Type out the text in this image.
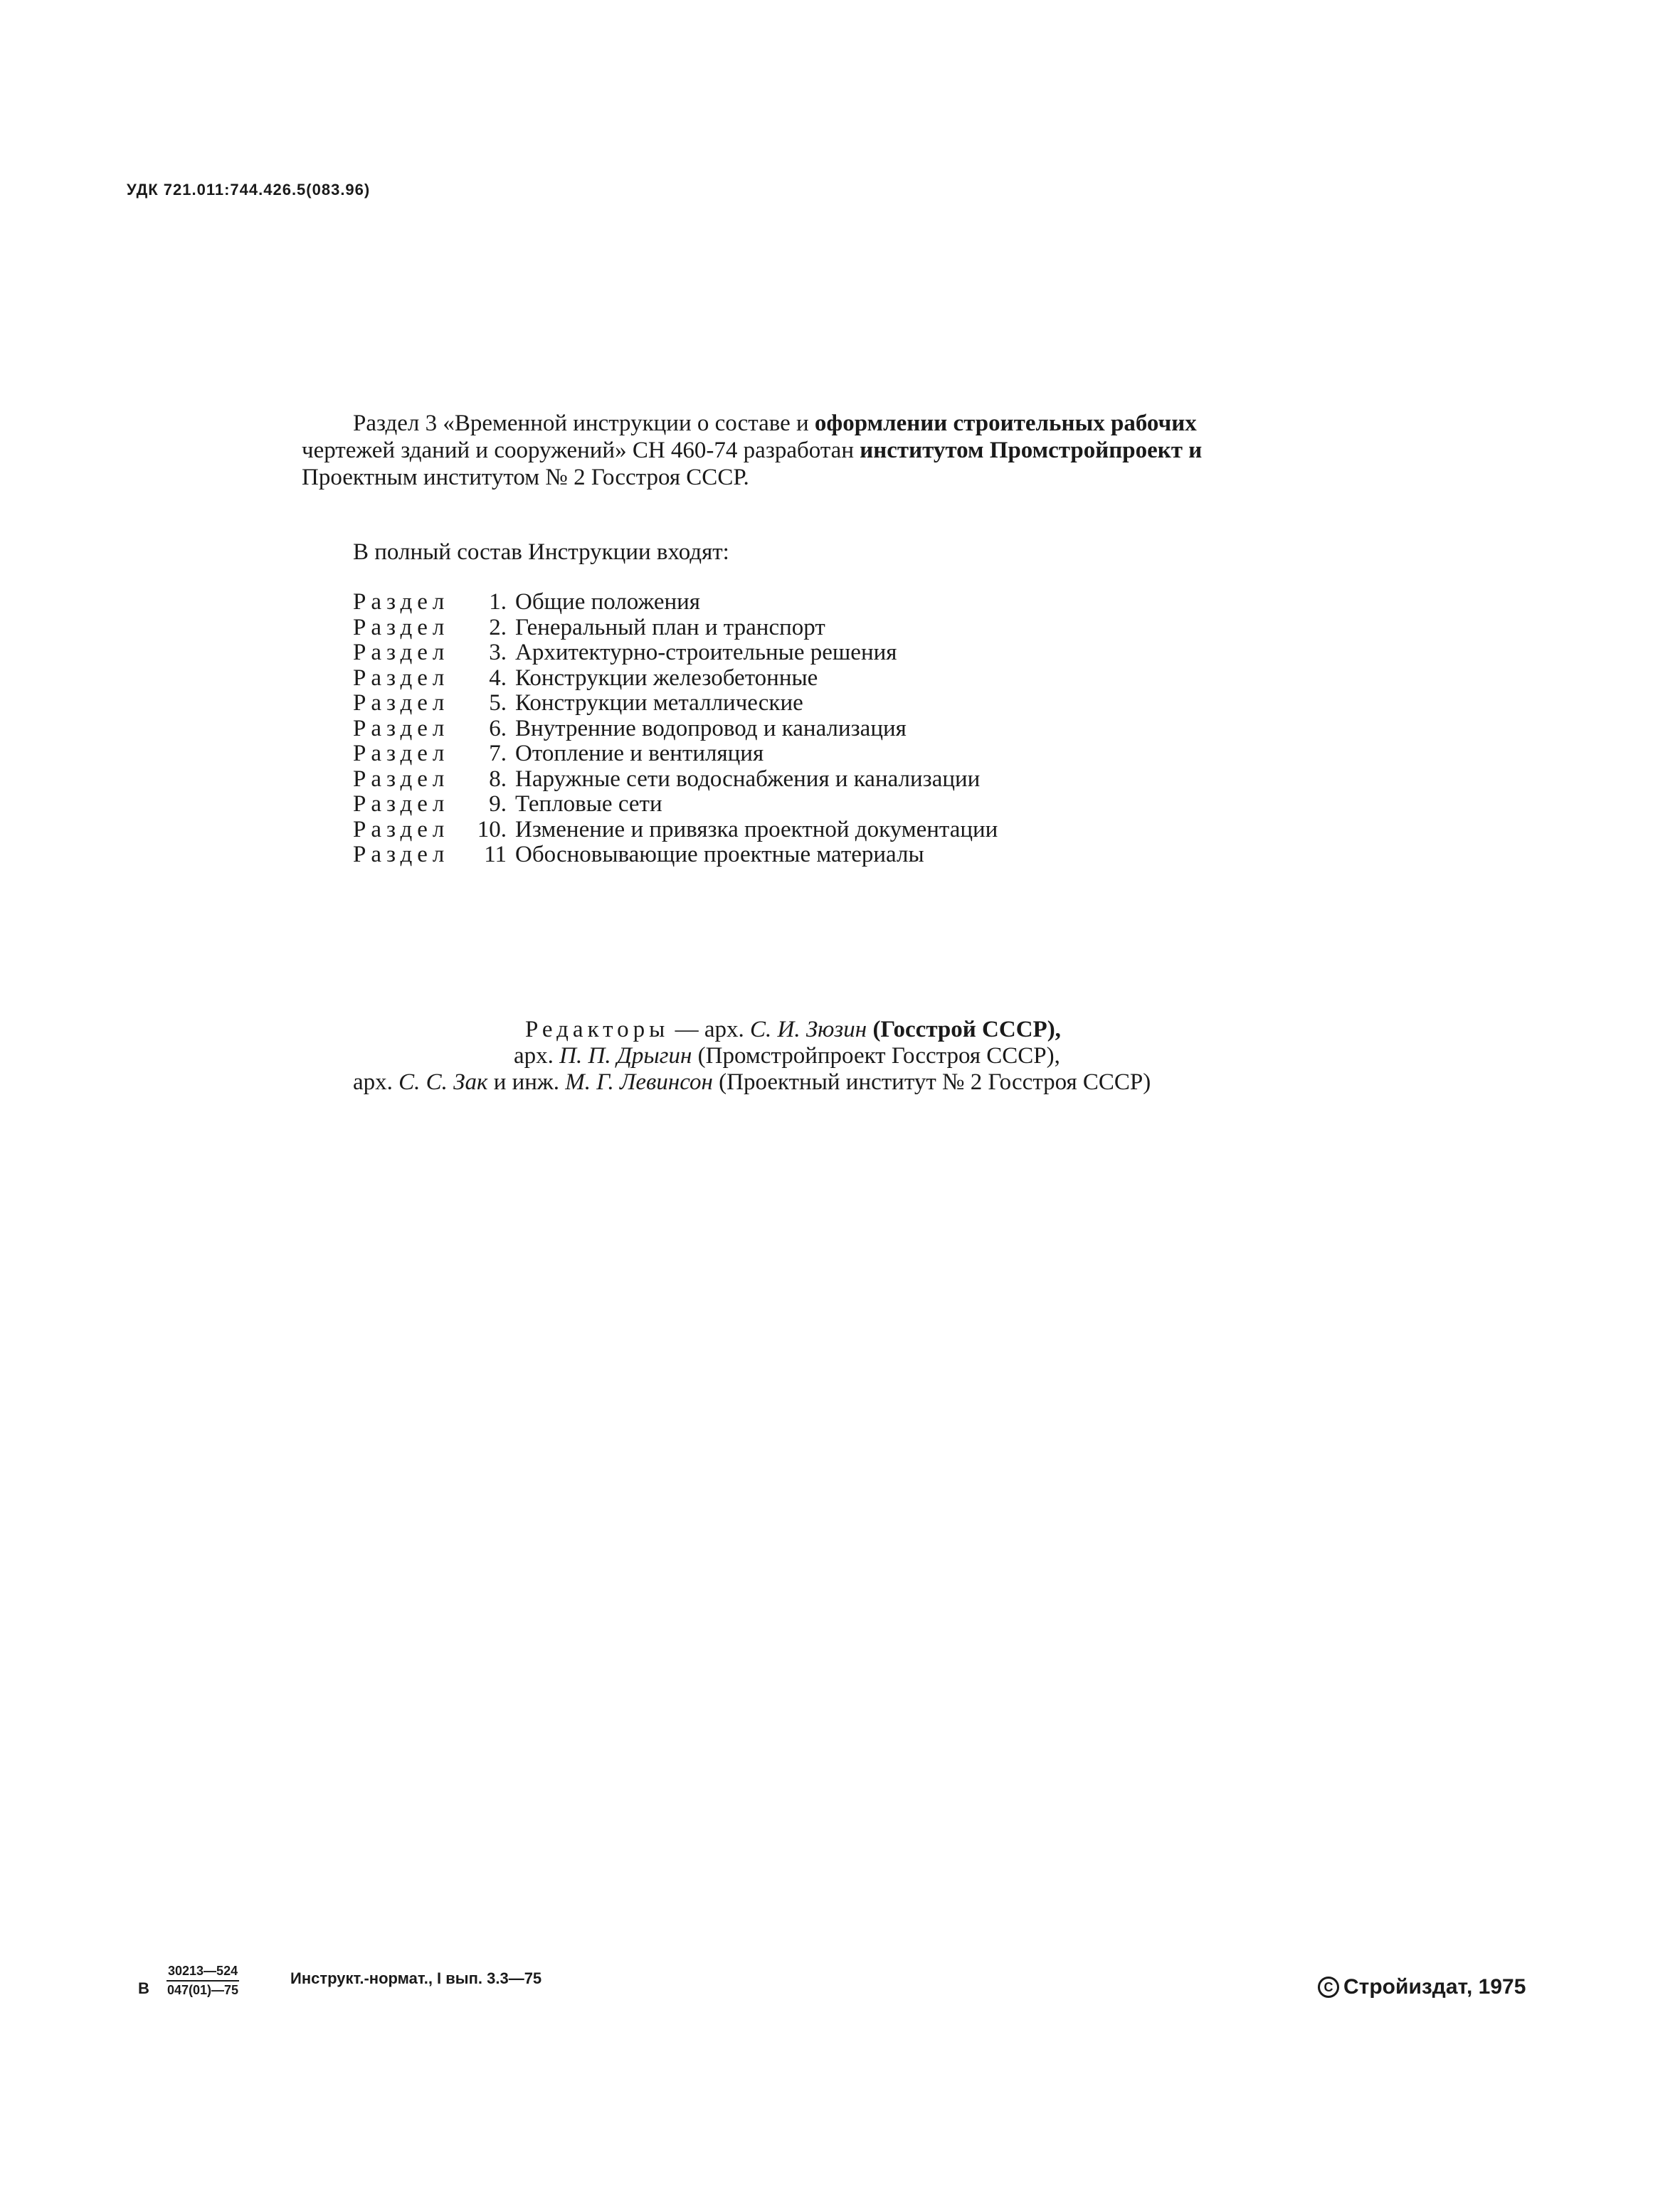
УДК 721.011:744.426.5(083.96)
Раздел 3 «Временной инструкции о составе и оформлении строительных рабочих
чертежей зданий и сооружений» СН 460-74 разработан институтом Промстройпроект и
Проектным институтом № 2 Госстроя СССР.
В полный состав Инструкции входят:
Раздел	1. Общие положения
Раздел	2. Генеральный план и транспорт
Раздел	3. Архитектурно-строительные решения
Раздел	4. Конструкции железобетонные
Раздел	5. Конструкции металлические
Раздел	6. Внутренние водопровод и канализация
Раздел	7. Отопление и вентиляция
Раздел	8. Наружные сети водоснабжения и канализации
Раздел	9. Тепловые сети
Раздел	10. Изменение и привязка проектной документации
Раздел	11 Обосновывающие проектные материалы
Редакторы — арх. С. И. Зюзин (Госстрой СССР),
арх. П. П. Дрыгин (Промстройпроект Госстроя СССР),
арх. С. С. Зак и инж. М. Г. Левинсон (Проектный институт № 2 Госстроя СССР)
В $\frac{30213—524}{047(01)—75}$	Инструкт.-нормат., I вып. 3.3—75	C Стройиздат, 1975
